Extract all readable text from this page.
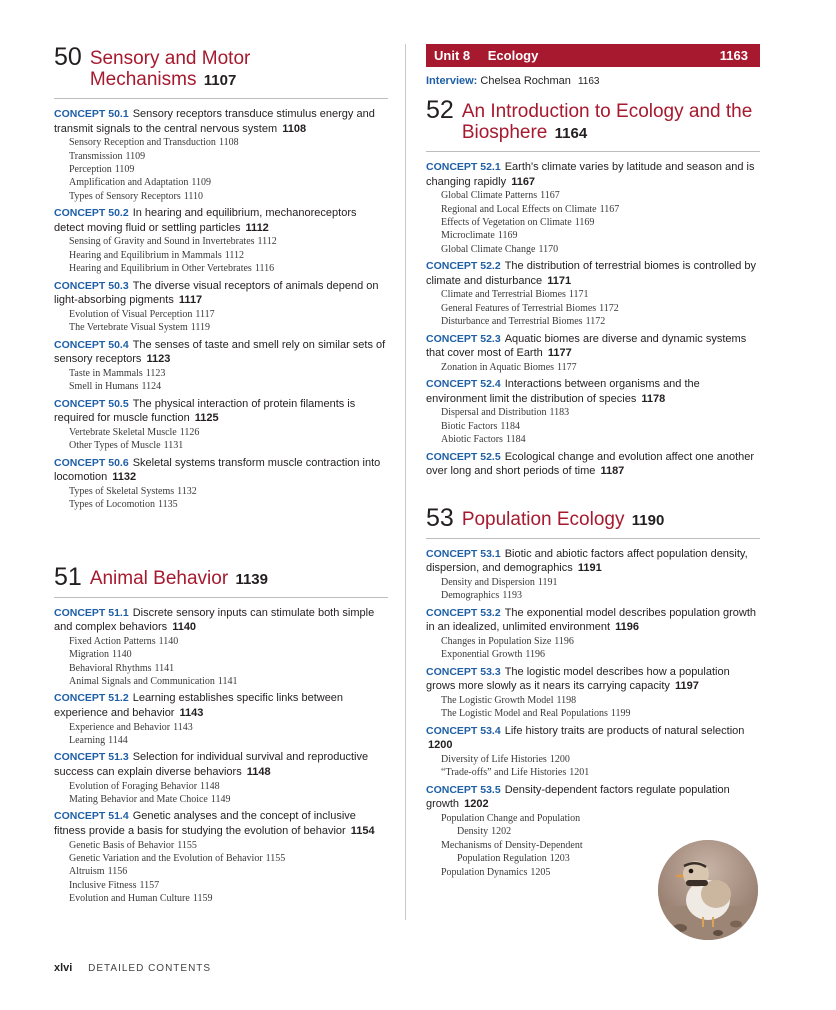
50 Sensory and Motor
Mechanisms 1107
CONCEPT 50.1 Sensory receptors transduce stimulus energy and transmit signals to the central nervous system 1108
Sensory Reception and Transduction 1108
Transmission 1109
Perception 1109
Amplification and Adaptation 1109
Types of Sensory Receptors 1110
CONCEPT 50.2 In hearing and equilibrium, mechanoreceptors detect moving fluid or settling particles 1112
Sensing of Gravity and Sound in Invertebrates 1112
Hearing and Equilibrium in Mammals 1112
Hearing and Equilibrium in Other Vertebrates 1116
CONCEPT 50.3 The diverse visual receptors of animals depend on light-absorbing pigments 1117
Evolution of Visual Perception 1117
The Vertebrate Visual System 1119
CONCEPT 50.4 The senses of taste and smell rely on similar sets of sensory receptors 1123
Taste in Mammals 1123
Smell in Humans 1124
CONCEPT 50.5 The physical interaction of protein filaments is required for muscle function 1125
Vertebrate Skeletal Muscle 1126
Other Types of Muscle 1131
CONCEPT 50.6 Skeletal systems transform muscle contraction into locomotion 1132
Types of Skeletal Systems 1132
Types of Locomotion 1135
51 Animal Behavior 1139
CONCEPT 51.1 Discrete sensory inputs can stimulate both simple and complex behaviors 1140
Fixed Action Patterns 1140
Migration 1140
Behavioral Rhythms 1141
Animal Signals and Communication 1141
CONCEPT 51.2 Learning establishes specific links between experience and behavior 1143
Experience and Behavior 1143
Learning 1144
CONCEPT 51.3 Selection for individual survival and reproductive success can explain diverse behaviors 1148
Evolution of Foraging Behavior 1148
Mating Behavior and Mate Choice 1149
CONCEPT 51.4 Genetic analyses and the concept of inclusive fitness provide a basis for studying the evolution of behavior 1154
Genetic Basis of Behavior 1155
Genetic Variation and the Evolution of Behavior 1155
Altruism 1156
Inclusive Fitness 1157
Evolution and Human Culture 1159
Unit 8 Ecology	1163
Interview: Chelsea Rochman 1163
52 An Introduction to Ecology and the
Biosphere 1164
CONCEPT 52.1 Earth's climate varies by latitude and season and is changing rapidly 1167
Global Climate Patterns 1167
Regional and Local Effects on Climate 1167
Effects of Vegetation on Climate 1169
Microclimate 1169
Global Climate Change 1170
CONCEPT 52.2 The distribution of terrestrial biomes is controlled by climate and disturbance 1171
Climate and Terrestrial Biomes 1171
General Features of Terrestrial Biomes 1172
Disturbance and Terrestrial Biomes 1172
CONCEPT 52.3 Aquatic biomes are diverse and dynamic systems that cover most of Earth 1177
Zonation in Aquatic Biomes 1177
CONCEPT 52.4 Interactions between organisms and the environment limit the distribution of species 1178
Dispersal and Distribution 1183
Biotic Factors 1184
Abiotic Factors 1184
CONCEPT 52.5 Ecological change and evolution affect one another over long and short periods of time 1187
53 Population Ecology 1190
CONCEPT 53.1 Biotic and abiotic factors affect population density, dispersion, and demographics 1191
Density and Dispersion 1191
Demographics 1193
CONCEPT 53.2 The exponential model describes population growth in an idealized, unlimited environment 1196
Changes in Population Size 1196
Exponential Growth 1196
CONCEPT 53.3 The logistic model describes how a population grows more slowly as it nears its carrying capacity 1197
The Logistic Growth Model 1198
The Logistic Model and Real Populations 1199
CONCEPT 53.4 Life history traits are products of natural selection 1200
Diversity of Life Histories 1200
“Trade-offs” and Life Histories 1201
CONCEPT 53.5 Density-dependent factors regulate population growth 1202
Population Change and Population
Density 1202
Mechanisms of Density-Dependent
Population Regulation 1203
Population Dynamics 1205
xlvi DETAILED CONTENTS
